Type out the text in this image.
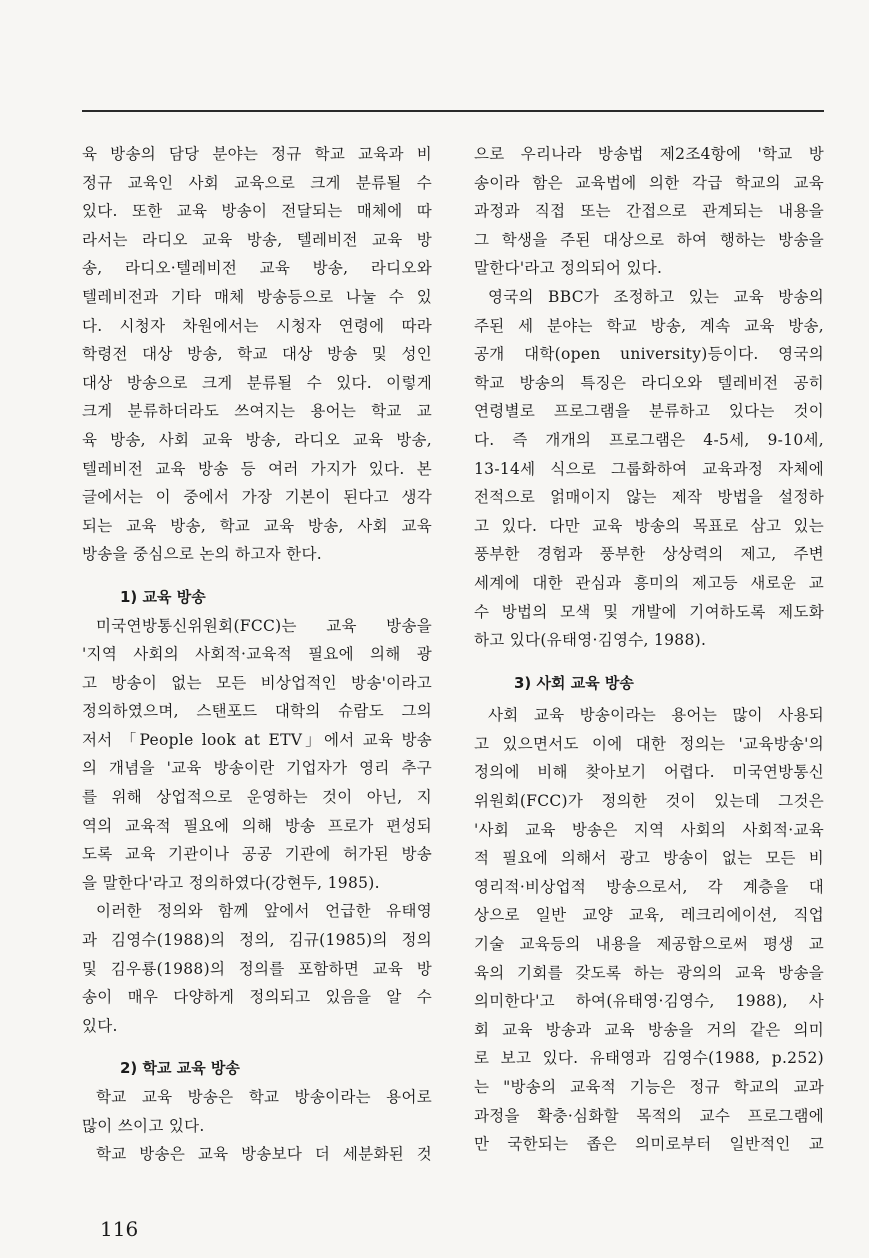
육 방송의 담당 분야는 정규 학교 교육과 비
정규 교육인 사회 교육으로 크게 분류될 수
있다. 또한 교육 방송이 전달되는 매체에 따
라서는 라디오 교육 방송, 텔레비전 교육 방
송, 라디오·텔레비전 교육 방송, 라디오와
텔레비전과 기타 매체 방송등으로 나눌 수 있
다. 시청자 차원에서는 시청자 연령에 따라
학령전 대상 방송, 학교 대상 방송 및 성인
대상 방송으로 크게 분류될 수 있다. 이렇게
크게 분류하더라도 쓰여지는 용어는 학교 교
육 방송, 사회 교육 방송, 라디오 교육 방송,
텔레비전 교육 방송 등 여러 가지가 있다. 본
글에서는 이 중에서 가장 기본이 된다고 생각
되는 교육 방송, 학교 교육 방송, 사회 교육
방송을 중심으로 논의 하고자 한다.
1) 교육 방송
미국연방통신위원회(FCC)는 교육 방송을
'지역 사회의 사회적·교육적 필요에 의해 광
고 방송이 없는 모든 비상업적인 방송'이라고
정의하였으며, 스탠포드 대학의 슈람도 그의
저서 「People look at ETV」에서 교육 방송
의 개념을 '교육 방송이란 기업자가 영리 추구
를 위해 상업적으로 운영하는 것이 아닌, 지
역의 교육적 필요에 의해 방송 프로가 편성되
도록 교육 기관이나 공공 기관에 허가된 방송
을 말한다'라고 정의하였다(강현두, 1985).
이러한 정의와 함께 앞에서 언급한 유태영
과 김영수(1988)의 정의, 김규(1985)의 정의
및 김우룡(1988)의 정의를 포함하면 교육 방
송이 매우 다양하게 정의되고 있음을 알 수
있다.
2) 학교 교육 방송
학교 교육 방송은 학교 방송이라는 용어로
많이 쓰이고 있다.
학교 방송은 교육 방송보다 더 세분화된 것
으로 우리나라 방송법 제2조4항에 '학교 방
송이라 함은 교육법에 의한 각급 학교의 교육
과정과 직접 또는 간접으로 관계되는 내용을
그 학생을 주된 대상으로 하여 행하는 방송을
말한다'라고 정의되어 있다.
영국의 BBC가 조정하고 있는 교육 방송의
주된 세 분야는 학교 방송, 계속 교육 방송,
공개 대학(open university)등이다. 영국의
학교 방송의 특징은 라디오와 텔레비전 공히
연령별로 프로그램을 분류하고 있다는 것이
다. 즉 개개의 프로그램은 4-5세, 9-10세,
13-14세 식으로 그룹화하여 교육과정 자체에
전적으로 얽매이지 않는 제작 방법을 설정하
고 있다. 다만 교육 방송의 목표로 삼고 있는
풍부한 경험과 풍부한 상상력의 제고, 주변
세계에 대한 관심과 흥미의 제고등 새로운 교
수 방법의 모색 및 개발에 기여하도록 제도화
하고 있다(유태영·김영수, 1988).
3) 사회 교육 방송
사회 교육 방송이라는 용어는 많이 사용되
고 있으면서도 이에 대한 정의는 '교육방송'의
정의에 비해 찾아보기 어렵다. 미국연방통신
위원회(FCC)가 정의한 것이 있는데 그것은
'사회 교육 방송은 지역 사회의 사회적·교육
적 필요에 의해서 광고 방송이 없는 모든 비
영리적·비상업적 방송으로서, 각 계층을 대
상으로 일반 교양 교육, 레크리에이션, 직업
기술 교육등의 내용을 제공함으로써 평생 교
육의 기회를 갖도록 하는 광의의 교육 방송을
의미한다'고 하여(유태영·김영수, 1988), 사
회 교육 방송과 교육 방송을 거의 같은 의미
로 보고 있다. 유태영과 김영수(1988, p.252)
는 "방송의 교육적 기능은 정규 학교의 교과
과정을 확충·심화할 목적의 교수 프로그램에
만 국한되는 좁은 의미로부터 일반적인 교
116
